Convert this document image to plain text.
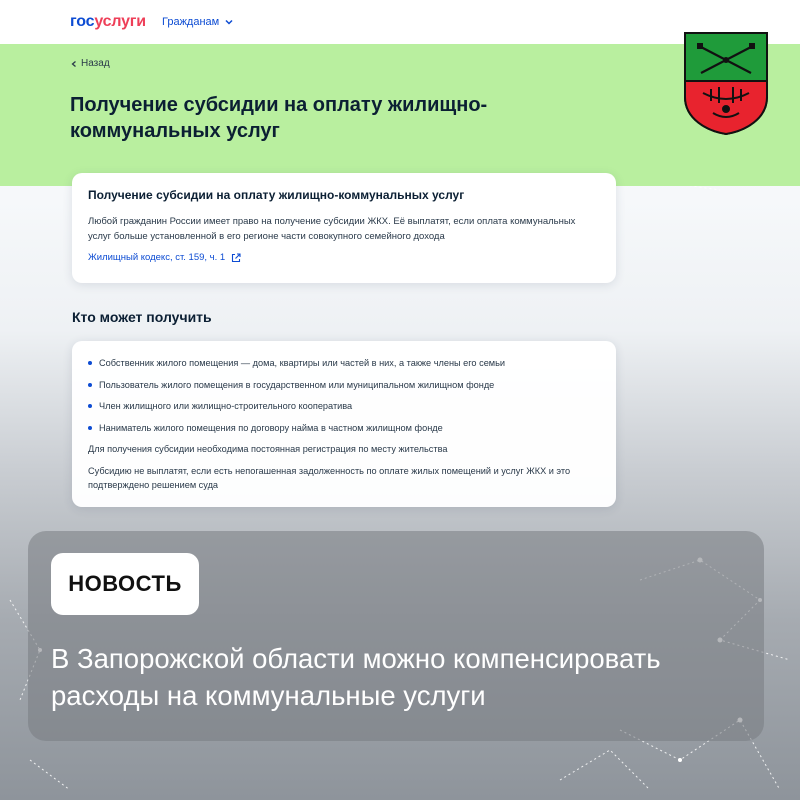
госуслуги Гражданам
Назад
Получение субсидии на оплату жилищно-коммунальных услуг
Получение субсидии на оплату жилищно-коммунальных услуг
Любой гражданин России имеет право на получение субсидии ЖКХ. Её выплатят, если оплата коммунальных услуг больше установленной в его регионе части совокупного семейного дохода
Жилищный кодекс, ст. 159, ч. 1
Кто может получить
Собственник жилого помещения — дома, квартиры или частей в них, а также члены его семьи
Пользователь жилого помещения в государственном или муниципальном жилищном фонде
Член жилищного или жилищно-строительного кооператива
Наниматель жилого помещения по договору найма в частном жилищном фонде
Для получения субсидии необходима постоянная регистрация по месту жительства
Субсидию не выплатят, если есть непогашенная задолженность по оплате жилых помещений и услуг ЖКХ и это подтверждено решением суда
НОВОСТЬ
В Запорожской области можно компенсировать расходы на коммунальные услуги
